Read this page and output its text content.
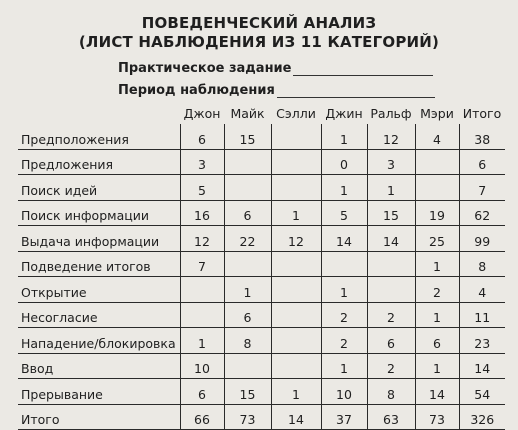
ПОВЕДЕНЧЕСКИЙ АНАЛИЗ
(ЛИСТ НАБЛЮДЕНИЯ ИЗ 11 КАТЕГОРИЙ)
Практическое задание
Период наблюдения
	Джон	Майк	Сэлли	Джин	Ральф	Мэри	Итого
Предположения	6	15		1	12	4	38
Предложения	3			0	3		6
Поиск идей	5			1	1		7
Поиск информации	16	6	1	5	15	19	62
Выдача информации	12	22	12	14	14	25	99
Подведение итогов	7					1	8
Открытие		1		1		2	4
Несогласие		6		2	2	1	11
Нападение/блокировка	1	8		2	6	6	23
Ввод	10			1	2	1	14
Прерывание	6	15	1	10	8	14	54
Итого	66	73	14	37	63	73	326
